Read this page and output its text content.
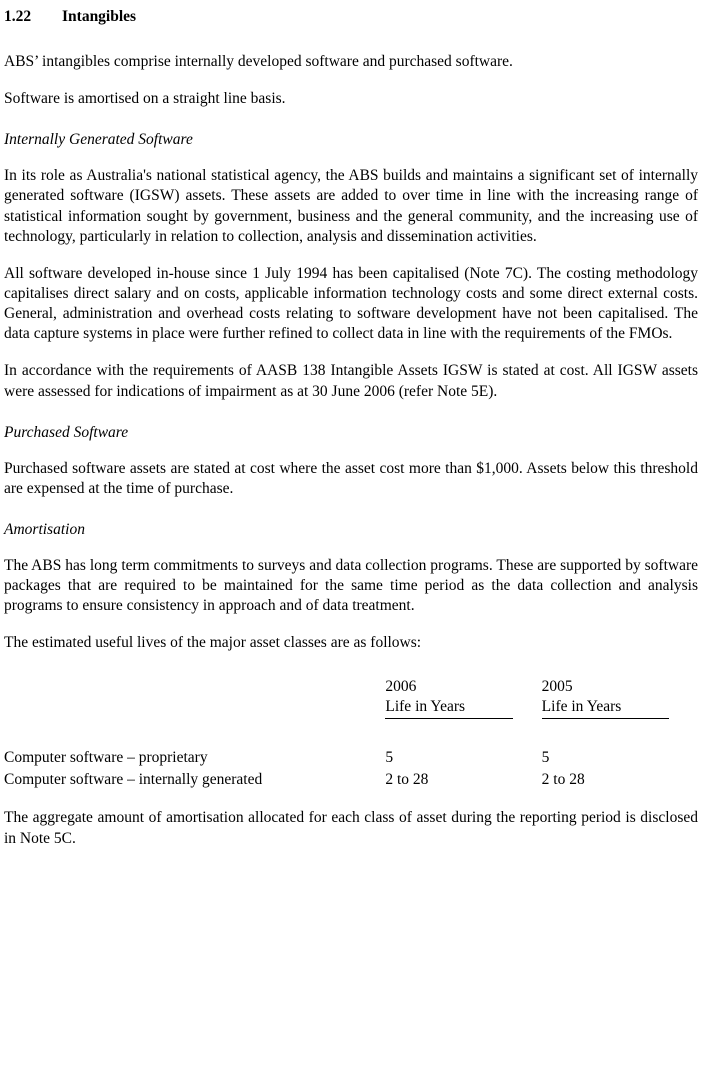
1.22	Intangibles

ABS’ intangibles comprise internally developed software and purchased software.

Software is amortised on a straight line basis.

Internally Generated Software

In its role as Australia's national statistical agency, the ABS builds and maintains a significant set of internally generated software (IGSW) assets. These assets are added to over time in line with the increasing range of statistical information sought by government, business and the general community, and the increasing use of technology, particularly in relation to collection, analysis and dissemination activities.

All software developed in-house since 1 July 1994 has been capitalised (Note 7C). The costing methodology capitalises direct salary and on costs, applicable information technology costs and some direct external costs. General, administration and overhead costs relating to software development have not been capitalised. The data capture systems in place were further refined to collect data in line with the requirements of the FMOs.

In accordance with the requirements of AASB 138 Intangible Assets IGSW is stated at cost. All IGSW assets were assessed for indications of impairment as at 30 June 2006 (refer Note 5E).

Purchased Software

Purchased software assets are stated at cost where the asset cost more than $1,000. Assets below this threshold are expensed at the time of purchase.

Amortisation

The ABS has long term commitments to surveys and data collection programs. These are supported by software packages that are required to be maintained for the same time period as the data collection and analysis programs to ensure consistency in approach and of data treatment.

The estimated useful lives of the major asset classes are as follows:

	2006	2005
	Life in Years	Life in Years
Computer software – proprietary	5	5
Computer software – internally generated	2 to 28	2 to 28

The aggregate amount of amortisation allocated for each class of asset during the reporting period is disclosed in Note 5C.
